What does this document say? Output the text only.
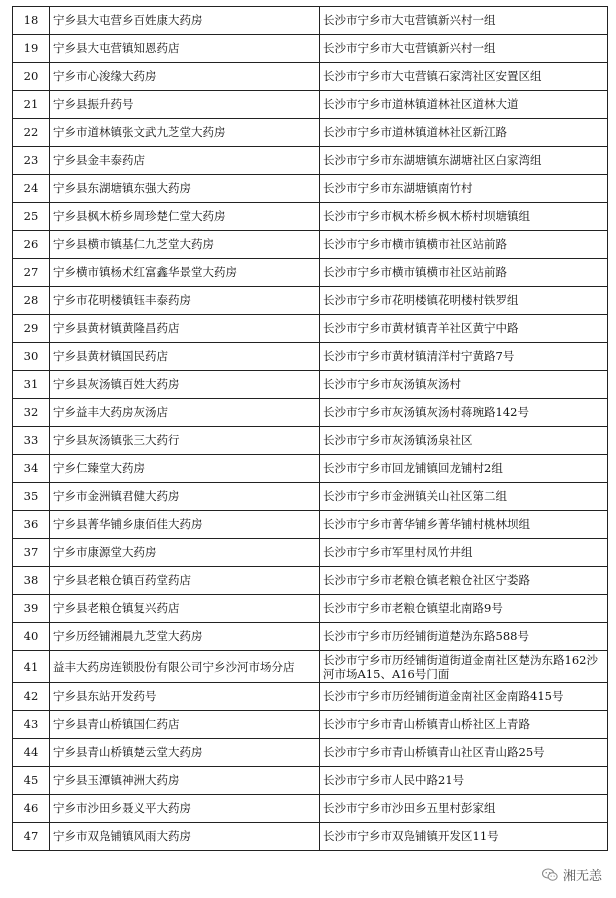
18	宁乡县大屯营乡百姓康大药房	长沙市宁乡市大屯营镇新兴村一组
19	宁乡县大屯营镇知恩药店	长沙市宁乡市大屯营镇新兴村一组
20	宁乡市心浚缘大药房	长沙市宁乡市大屯营镇石家湾社区安置区组
21	宁乡县振升药号	长沙市宁乡市道林镇道林社区道林大道
22	宁乡市道林镇张文武九芝堂大药房	长沙市宁乡市道林镇道林社区新江路
23	宁乡县金丰泰药店	长沙市宁乡市东湖塘镇东湖塘社区白家湾组
24	宁乡县东湖塘镇东强大药房	长沙市宁乡市东湖塘镇南竹村
25	宁乡县枫木桥乡周珍楚仁堂大药房	长沙市宁乡市枫木桥乡枫木桥村坝塘镇组
26	宁乡县横市镇基仁九芝堂大药房	长沙市宁乡市横市镇横市社区站前路
27	宁乡横市镇杨术红富鑫华景堂大药房	长沙市宁乡市横市镇横市社区站前路
28	宁乡市花明楼镇钰丰泰药房	长沙市宁乡市花明楼镇花明楼村铁罗组
29	宁乡县黄材镇黄隆昌药店	长沙市宁乡市黄材镇青羊社区黄宁中路
30	宁乡县黄材镇国民药店	长沙市宁乡市黄材镇清洋村宁黄路7号
31	宁乡县灰汤镇百姓大药房	长沙市宁乡市灰汤镇灰汤村
32	宁乡益丰大药房灰汤店	长沙市宁乡市灰汤镇灰汤村蒋琬路142号
33	宁乡县灰汤镇张三大药行	长沙市宁乡市灰汤镇汤泉社区
34	宁乡仁臻堂大药房	长沙市宁乡市回龙铺镇回龙铺村2组
35	宁乡市金洲镇君健大药房	长沙市宁乡市金洲镇关山社区第二组
36	宁乡县菁华铺乡康佰佳大药房	长沙市宁乡市菁华铺乡菁华铺村桃林坝组
37	宁乡市康源堂大药房	长沙市宁乡市军里村凤竹井组
38	宁乡县老粮仓镇百药堂药店	长沙市宁乡市老粮仓镇老粮仓社区宁娄路
39	宁乡县老粮仓镇复兴药店	长沙市宁乡市老粮仓镇望北南路9号
40	宁乡历经铺湘晨九芝堂大药房	长沙市宁乡市历经铺街道楚沩东路588号
41	益丰大药房连锁股份有限公司宁乡沙河市场分店	长沙市宁乡市历经铺街道街道金南社区楚沩东路162沙河市场A15、A16号门面
42	宁乡县东站开发药号	长沙市宁乡市历经铺街道金南社区金南路415号
43	宁乡县青山桥镇国仁药店	长沙市宁乡市青山桥镇青山桥社区上青路
44	宁乡县青山桥镇楚云堂大药房	长沙市宁乡市青山桥镇青山社区青山路25号
45	宁乡县玉潭镇神洲大药房	长沙市宁乡市人民中路21号
46	宁乡市沙田乡聂义平大药房	长沙市宁乡市沙田乡五里村彭家组
47	宁乡市双凫铺镇风雨大药房	长沙市宁乡市双凫铺镇开发区11号
湘无恙
